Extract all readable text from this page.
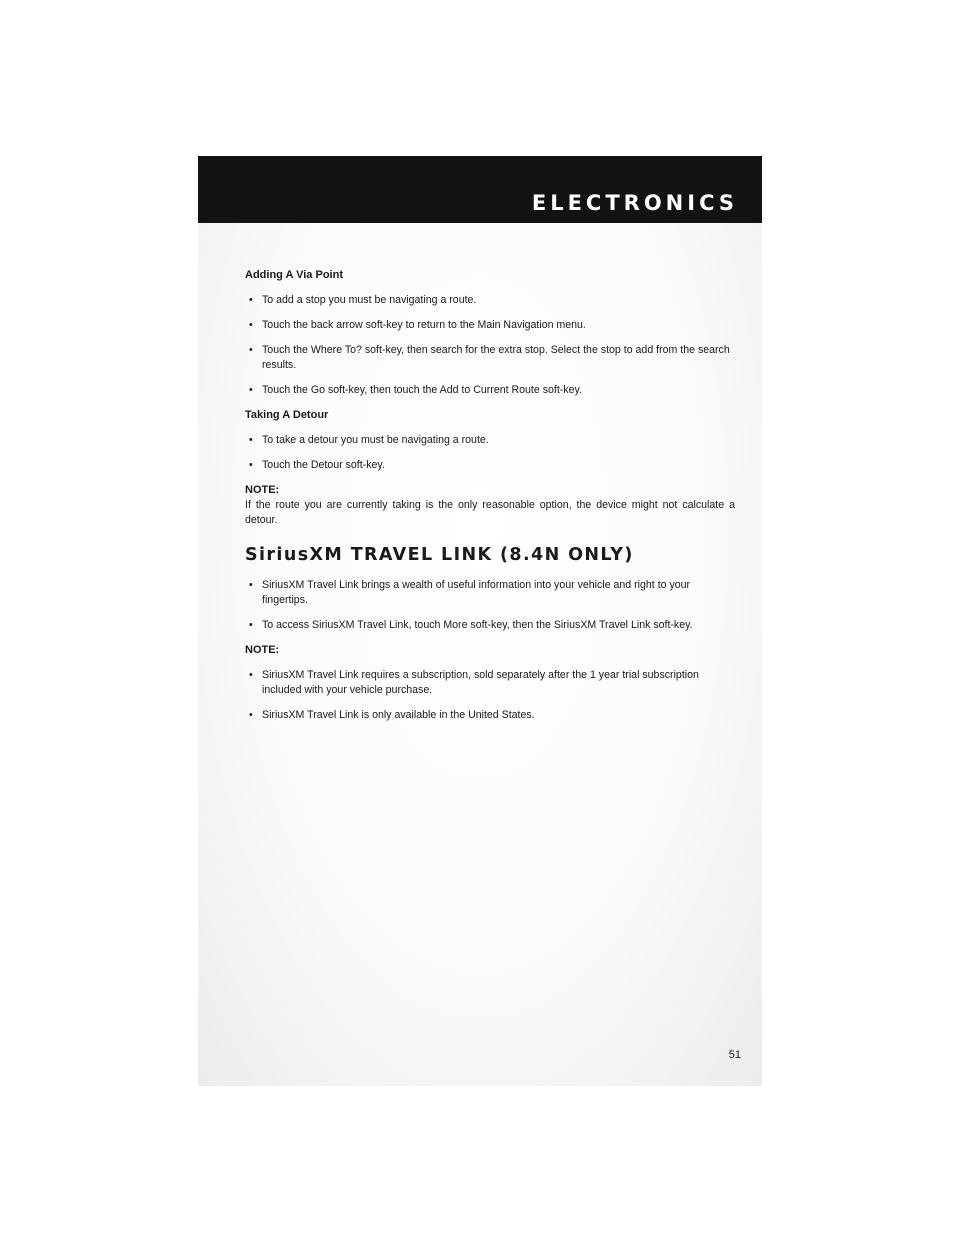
ELECTRONICS
Adding A Via Point
• To add a stop you must be navigating a route.
• Touch the back arrow soft-key to return to the Main Navigation menu.
• Touch the Where To? soft-key, then search for the extra stop. Select the stop to add from the search results.
• Touch the Go soft-key, then touch the Add to Current Route soft-key.
Taking A Detour
• To take a detour you must be navigating a route.
• Touch the Detour soft-key.
NOTE:
If the route you are currently taking is the only reasonable option, the device might not calculate a detour.
SiriusXM TRAVEL LINK (8.4N ONLY)
• SiriusXM Travel Link brings a wealth of useful information into your vehicle and right to your fingertips.
• To access SiriusXM Travel Link, touch More soft-key, then the SiriusXM Travel Link soft-key.
NOTE:
• SiriusXM Travel Link requires a subscription, sold separately after the 1 year trial subscription included with your vehicle purchase.
• SiriusXM Travel Link is only available in the United States.
51
